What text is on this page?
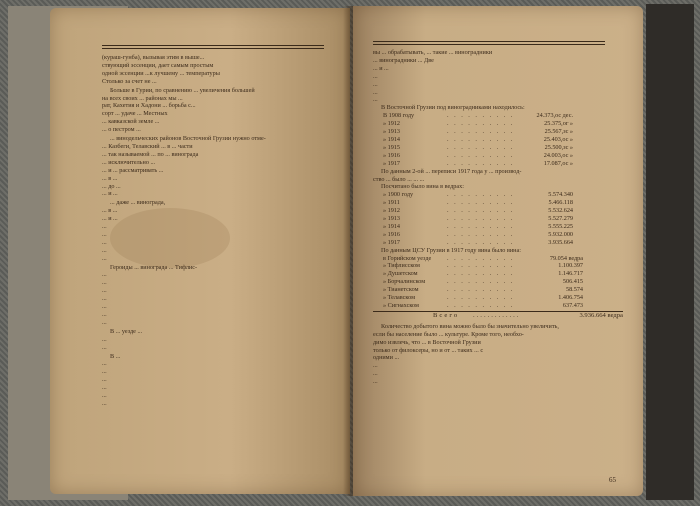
(кураш-гунба), вызывая этим в выше...

ствующий эссенции, дает самым простым

одной эссенции ...к лучшему ... температуры

Столько за счет не ...

Больше в Гурии, по сравнению ... увеличения большей

на всех своих ... районах мы ...

рат, Кахетия и Хадони ... борьба с...

сорт ... удаче ... Местных

... кавказской земле ...

... о пестром ...

... винодельческих районов Восточной Грузии нужно отме-

... Казбеги, Телавский ... в ... части

... так называемой ... по ... винограда

... исключительно ...

... и ... рассматривать ...

... в ...

... до ...

... и ...

... даже ... винограда,

... в ...

... и ...

...

...

...

...

...

Героиды ... винограда ... Тифлис-

...

...

...

...

...

...

...

В ... уезде ...

...

...

В ...

...

...

...

...

...

...

вы ... обрабатывать, ... такие ... виноградники

... виноградники ... Две

... и ...

...

...

...

...

В Восточной Грузии под виноградниками находилось:

В 1908 году	. . . . . . . . . .	24.373,ос дес.
» 1912	. . . . . . . . . .	25.375,ог »
» 1913	. . . . . . . . . .	25.567,зс »
» 1914	. . . . . . . . . .	25.403,ос »
» 1915	. . . . . . . . . .	25.500,зс »
» 1916	. . . . . . . . . .	24.003,ос »
» 1917	. . . . . . . . . .	17.087,ос »

По данным 2-ой ... переписи 1917 года у ... производ-

ство ... было ... ... ...

Посчитано было вина в ведрах:

» 1900 году	. . . . . . . . . .	5.574.340
» 1911	. . . . . . . . . .	5.466.118
» 1912	. . . . . . . . . .	5.532.624
» 1913	. . . . . . . . . .	5.527.279
» 1914	. . . . . . . . . .	5.555.225
» 1916	. . . . . . . . . .	5.932.000
» 1917	. . . . . . . . . .	3.935.664

По данным ЦСУ Грузии в 1917 году вина было вина:

в Горийском уезде	. . . . . . . . . .	79.054 ведра
» Тифлисском	. . . . . . . . . .	1.100.397
» Душетском	. . . . . . . . . .	1.146.717
» Борчалинском	. . . . . . . . . .	506.415
» Тианетском	. . . . . . . . . .	58.574
» Телавском	. . . . . . . . . .	1.406.754
» Сигнахском	. . . . . . . . . .	637.473
Всего	.............	3.936.664 ведра

Количество добытого вина можно было бы значительно увеличить,

если бы население было ... культуре. Кроме того, необхо-

димо извлечь, что ... в Восточной Грузии

только от филоксеры, но и от ... таких ... с

одними ...

...

...

...

65
